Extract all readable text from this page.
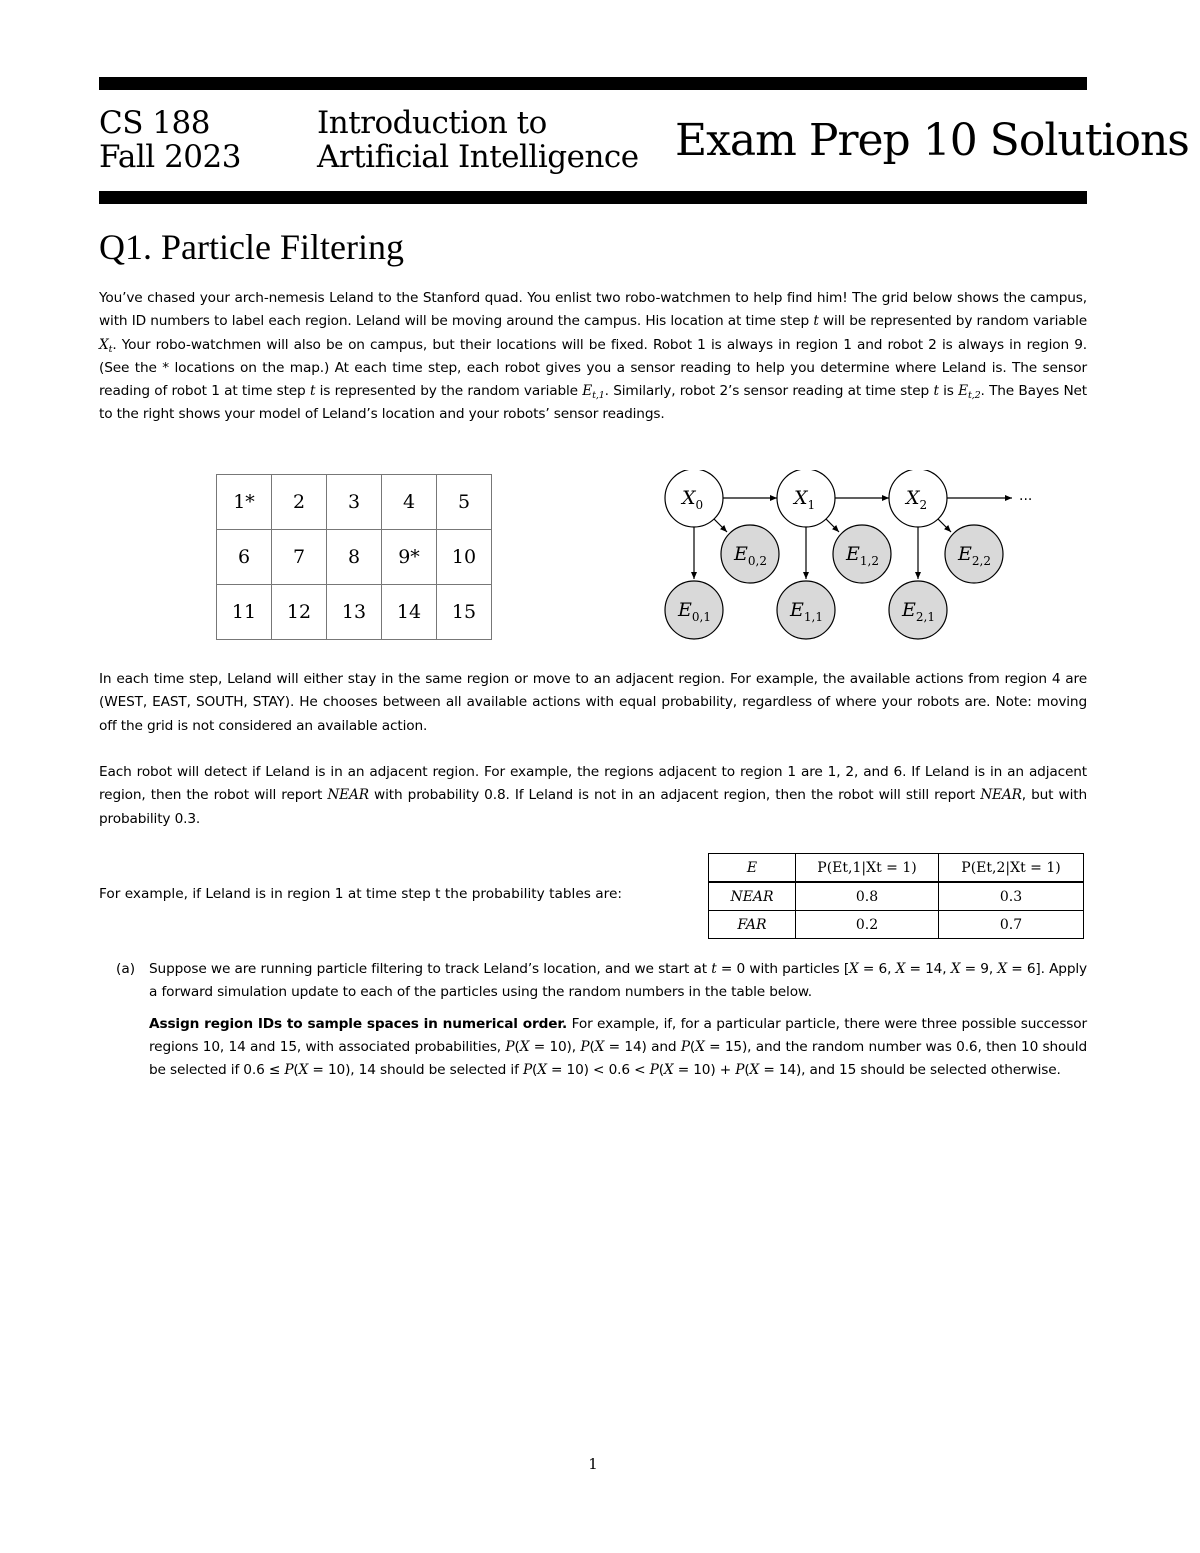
CS 188
Fall 2023
Introduction to
Artificial Intelligence Exam Prep 10 Solutions
Q1. Particle Filtering

You’ve chased your arch-nemesis Leland to the Stanford quad. You enlist two robo-watchmen to help find him! The grid below shows the campus, with ID numbers to label each region. Leland will be moving around the campus. His location at time step t will be represented by random variable $X_t$. Your robo-watchmen will also be on campus, but their locations will be fixed. Robot 1 is always in region 1 and robot 2 is always in region 9. (See the * locations on the map.) At each time step, each robot gives you a sensor reading to help you determine where Leland is. The sensor reading of robot 1 at time step t is represented by the random variable $E_{t,1}$. Similarly, robot 2’s sensor reading at time step t is $E_{t,2}$. The Bayes Net to the right shows your model of Leland’s location and your robots’ sensor readings.

1*	2	3	4	5
6	7	8	9*	10
11	12	13	14	15
$X_0$	$X_1$	$X_2$
$E_{0,2}$	$E_{1,2}$	$E_{2,2}$
$E_{0,1}$	$E_{1,1}$	$E_{2,1}$
···

In each time step, Leland will either stay in the same region or move to an adjacent region. For example, the available actions from region 4 are (WEST, EAST, SOUTH, STAY). He chooses between all available actions with equal probability, regardless of where your robots are. Note: moving off the grid is not considered an available action.

Each robot will detect if Leland is in an adjacent region. For example, the regions adjacent to region 1 are 1, 2, and 6. If Leland is in an adjacent region, then the robot will report NEAR with probability 0.8. If Leland is not in an adjacent region, then the robot will still report NEAR, but with probability 0.3.

For example, if Leland is in region 1 at time step t the probability tables are:
E	P(Et,1|Xt = 1)	P(Et,2|Xt = 1)
NEAR	0.8	0.3
FAR	0.2	0.7
(a) Suppose we are running particle filtering to track Leland’s location, and we start at t = 0 with particles [X = 6, X = 14, X = 9, X = 6]. Apply a forward simulation update to each of the particles using the random numbers in the table below.

Assign region IDs to sample spaces in numerical order. For example, if, for a particular particle, there were three possible successor regions 10, 14 and 15, with associated probabilities, P(X = 10), P(X = 14) and P(X = 15), and the random number was 0.6, then 10 should be selected if 0.6 ≤ P(X = 10), 14 should be selected if P(X = 10) < 0.6 < P(X = 10) + P(X = 14), and 15 should be selected otherwise.

1
